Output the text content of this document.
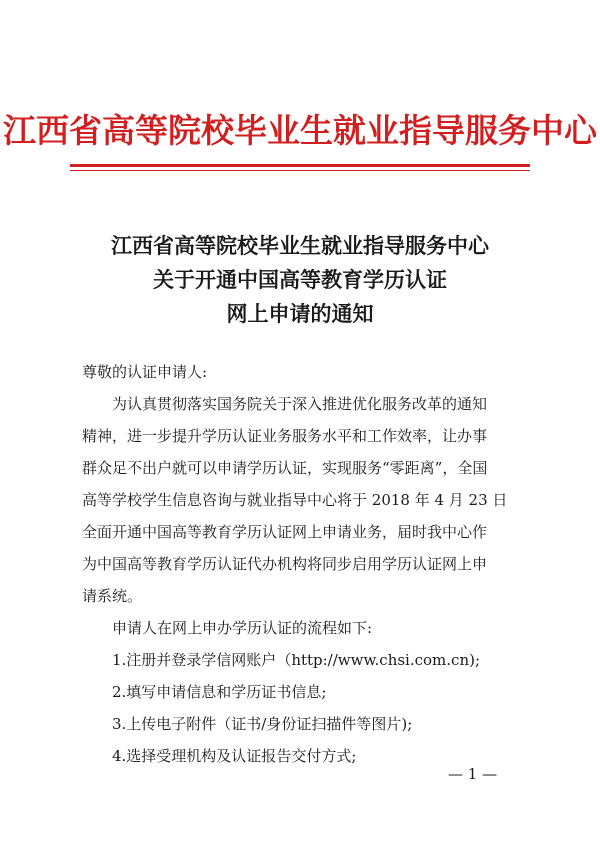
江西省高等院校毕业生就业指导服务中心
江西省高等院校毕业生就业指导服务中心
关于开通中国高等教育学历认证
网上申请的通知
尊敬的认证申请人:
为认真贯彻落实国务院关于深入推进优化服务改革的通知
精神，进一步提升学历认证业务服务水平和工作效率，让办事
群众足不出户就可以申请学历认证，实现服务“零距离”，全国
高等学校学生信息咨询与就业指导中心将于 2018 年 4 月 23 日
全面开通中国高等教育学历认证网上申请业务，届时我中心作
为中国高等教育学历认证代办机构将同步启用学历认证网上申
请系统。
申请人在网上申办学历认证的流程如下:
1.注册并登录学信网账户（http://www.chsi.com.cn);
2.填写申请信息和学历证书信息;
3.上传电子附件（证书/身份证扫描件等图片);
4.选择受理机构及认证报告交付方式;
— 1 —
